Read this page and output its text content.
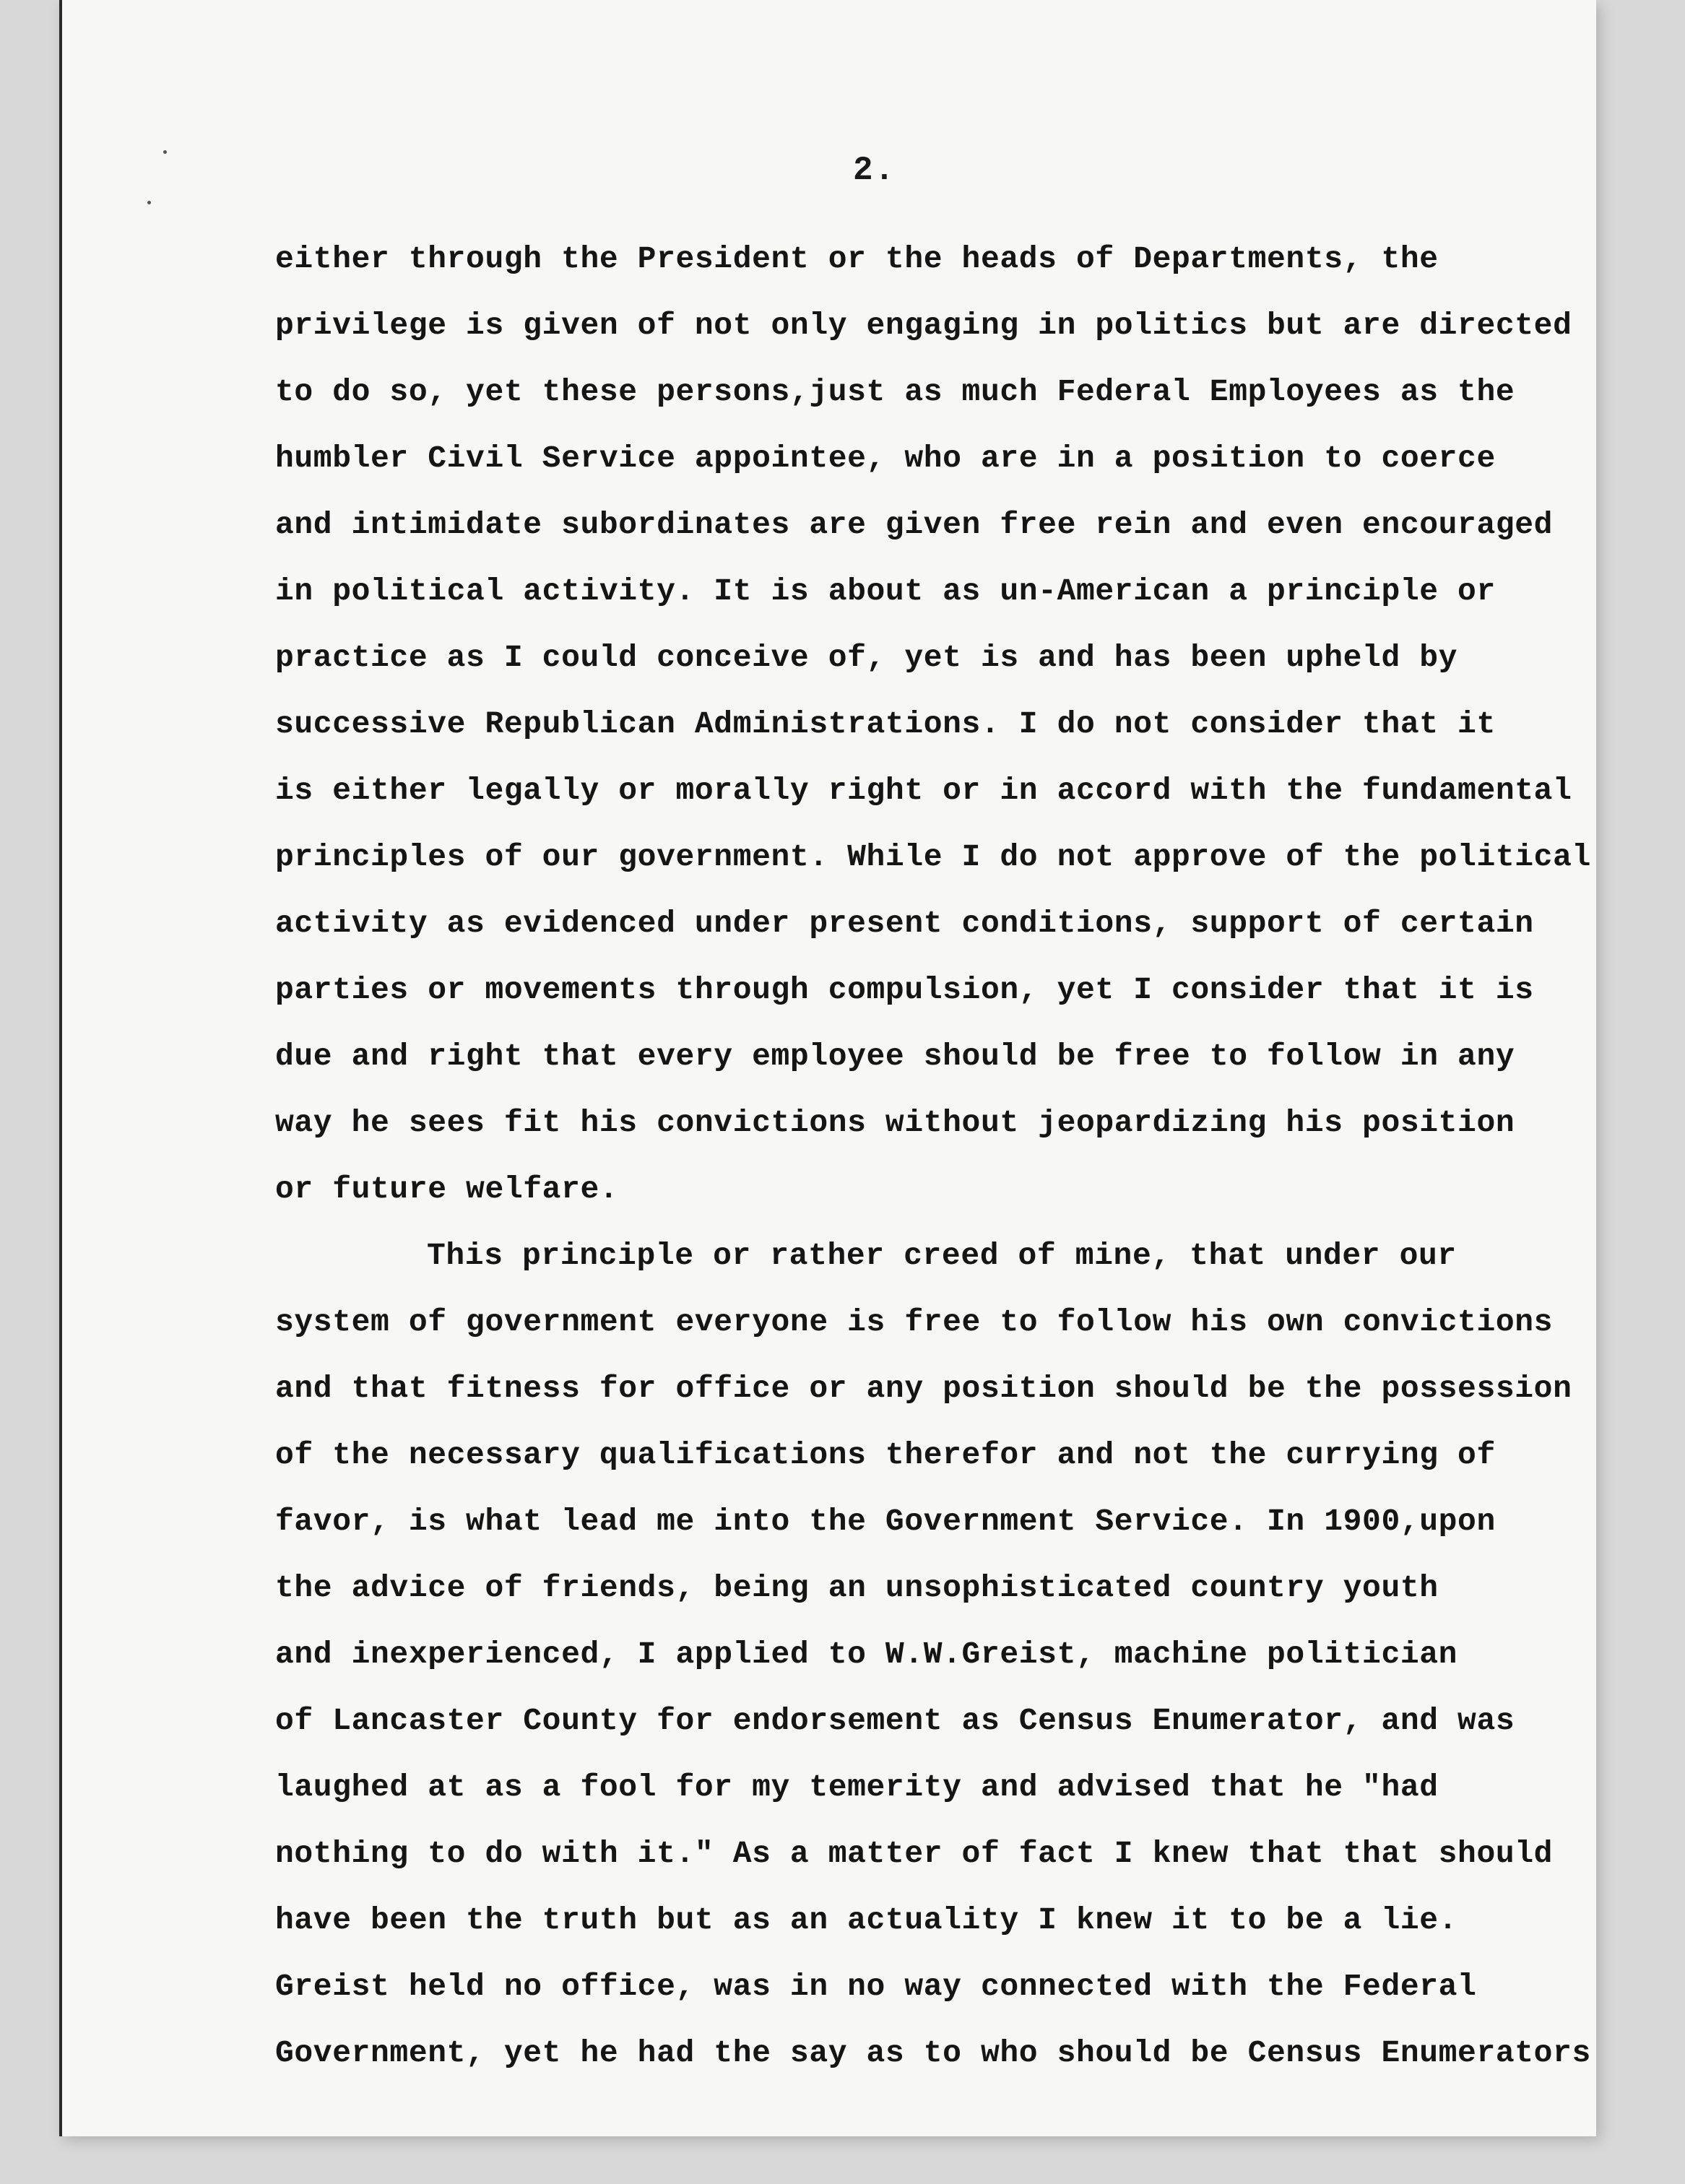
2.
either through the President or the heads of Departments, the
privilege is given of not only engaging in politics but are directed
to do so, yet these persons,just as much Federal Employees as the
humbler Civil Service appointee, who are in a position to coerce
and intimidate subordinates are given free rein and even encouraged
in political activity. It is about as un-American a principle or
practice as I could conceive of, yet is and has been upheld by
successive Republican Administrations. I do not consider that it
is either legally or morally right or in accord with the fundamental
principles of our government. While I do not approve of the political
activity as evidenced under present conditions, support of certain
parties or movements through compulsion, yet I consider that it is
due and right that every employee should be free to follow in any
way he sees fit his convictions without jeopardizing his position
or future welfare.
This principle or rather creed of mine, that under our
system of government everyone is free to follow his own convictions
and that fitness for office or any position should be the possession
of the necessary qualifications therefor and not the currying of
favor, is what lead me into the Government Service. In 1900,upon
the advice of friends, being an unsophisticated country youth
and inexperienced, I applied to W.W.Greist, machine politician
of Lancaster County for endorsement as Census Enumerator, and was
laughed at as a fool for my temerity and advised that he "had
nothing to do with it." As a matter of fact I knew that that should
have been the truth but as an actuality I knew it to be a lie.
Greist held no office, was in no way connected with the Federal
Government, yet he had the say as to who should be Census Enumerators
